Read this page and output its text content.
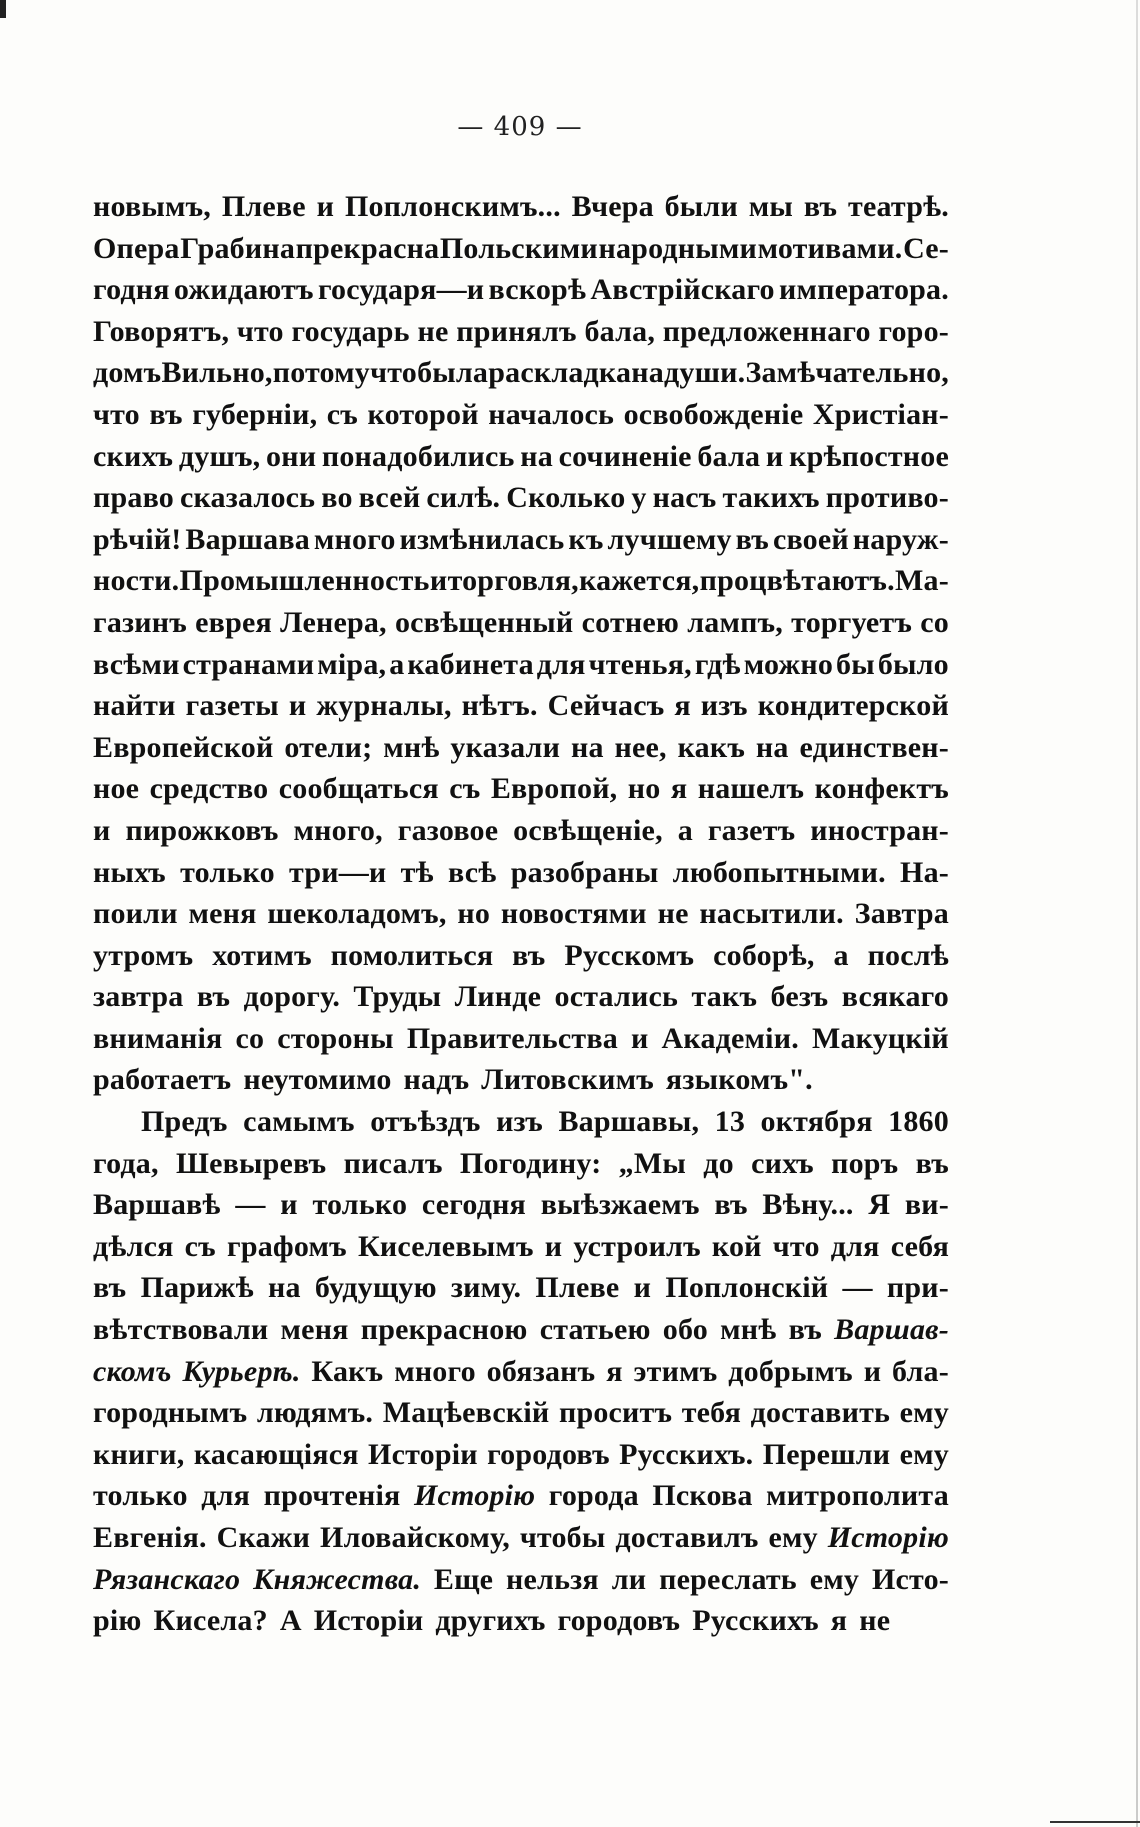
— 409 —
новымъ, Плеве и Поплонскимъ... Вчера были мы въ театрѣ.
Опера Грабина прекрасна Польскими народными мотивами. Се-
годня ожидаютъ государя—и вскорѣ Австрійскаго императора.
Говорятъ, что государь не принялъ бала, предложеннаго горо-
домъ Вильно, потому что была раскладка на души. Замѣчательно,
что въ губерніи, съ которой началось освобожденіе Христіан-
скихъ душъ, они понадобились на сочиненіе бала и крѣпостное
право сказалось во всей силѣ. Сколько у насъ такихъ противо-
рѣчій! Варшава много измѣнилась къ лучшему въ своей наруж-
ности. Промышленность и торговля, кажется, процвѣтаютъ. Ма-
газинъ еврея Ленера, освѣщенный сотнею лампъ, торгуетъ со
всѣми странами міра, а кабинета для чтенья, гдѣ можно бы было
найти газеты и журналы, нѣтъ. Сейчасъ я изъ кондитерской
Европейской отели; мнѣ указали на нее, какъ на единствен-
ное средство сообщаться съ Европой, но я нашелъ конфектъ
и пирожковъ много, газовое освѣщеніе, а газетъ иностран-
ныхъ только три—и тѣ всѣ разобраны любопытными. На-
поили меня шеколадомъ, но новостями не насытили. Завтра
утромъ хотимъ помолиться въ Русскомъ соборѣ, а послѣ
завтра въ дорогу. Труды Линде остались такъ безъ всякаго
вниманія со стороны Правительства и Академіи. Макуцкій
работаетъ неутомимо надъ Литовскимъ языкомъ".
Предъ самымъ отъѣздъ изъ Варшавы, 13 октября 1860
года, Шевыревъ писалъ Погодину: „Мы до сихъ поръ въ
Варшавѣ — и только сегодня выѣзжаемъ въ Вѣну... Я ви-
дѣлся съ графомъ Киселевымъ и устроилъ кой что для себя
въ Парижѣ на будущую зиму. Плеве и Поплонскій — при-
вѣтствовали меня прекрасною статьею обо мнѣ въ Варшав-
скомъ Курьерѣ. Какъ много обязанъ я этимъ добрымъ и бла-
городнымъ людямъ. Мацѣевскій проситъ тебя доставить ему
книги, касающіяся Исторіи городовъ Русскихъ. Перешли ему
только для прочтенія Исторію города Пскова митрополита
Евгенія. Скажи Иловайскому, чтобы доставилъ ему Исторію
Рязанскаго Княжества. Еще нельзя ли переслать ему Исто-
рію Кисела? А Исторіи другихъ городовъ Русскихъ я не
